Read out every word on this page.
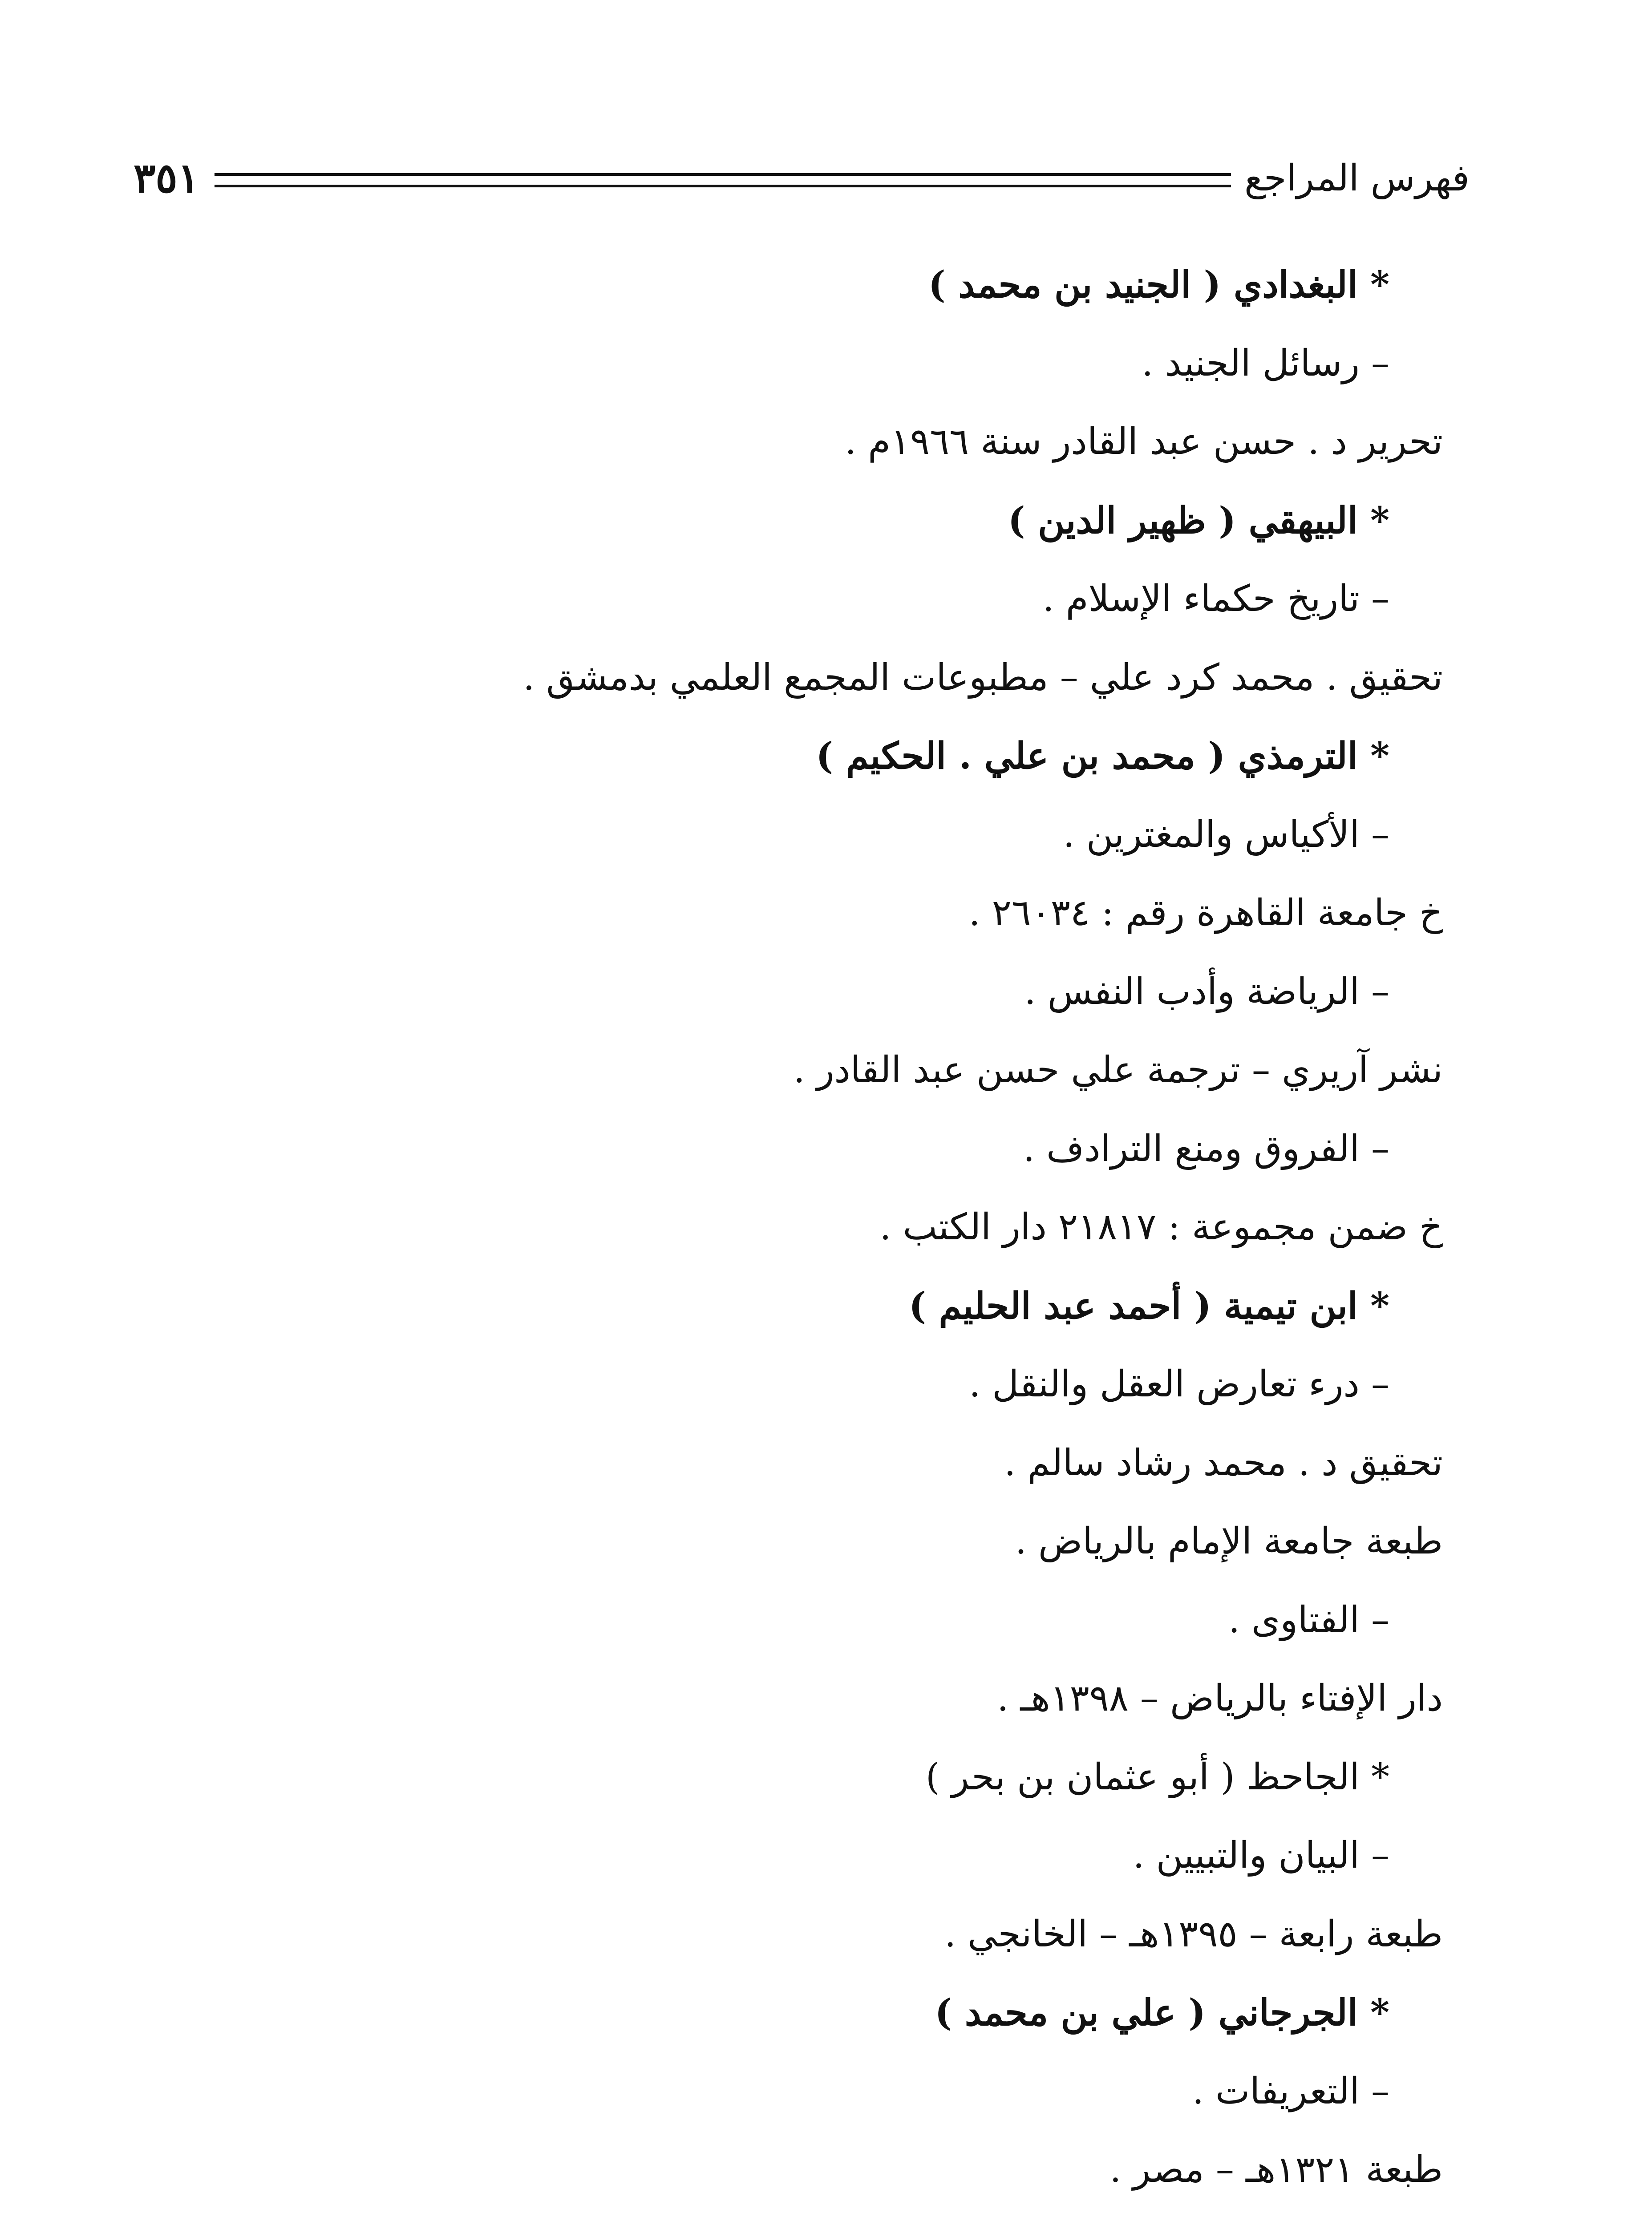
فهرس المراجع
٣٥١
* البغدادي ( الجنيد بن محمد )
– رسائل الجنيد .
تحرير د . حسن عبد القادر سنة ١٩٦٦م .
* البيهقي ( ظهير الدين )
– تاريخ حكماء الإسلام .
تحقيق . محمد كرد علي – مطبوعات المجمع العلمي بدمشق .
* الترمذي ( محمد بن علي . الحكيم )
– الأكياس والمغترين .
خ جامعة القاهرة رقم : ٢٦٠٣٤ .
– الرياضة وأدب النفس .
نشر آريري – ترجمة علي حسن عبد القادر .
– الفروق ومنع الترادف .
خ ضمن مجموعة : ٢١٨١٧ دار الكتب .
* ابن تيمية ( أحمد عبد الحليم )
– درء تعارض العقل والنقل .
تحقيق د . محمد رشاد سالم .
طبعة جامعة الإمام بالرياض .
– الفتاوى .
دار الإفتاء بالرياض – ١٣٩٨هـ .
* الجاحظ ( أبو عثمان بن بحر )
– البيان والتبيين .
طبعة رابعة – ١٣٩٥هـ – الخانجي .
* الجرجاني ( علي بن محمد )
– التعريفات .
طبعة ١٣٢١هـ – مصر .
